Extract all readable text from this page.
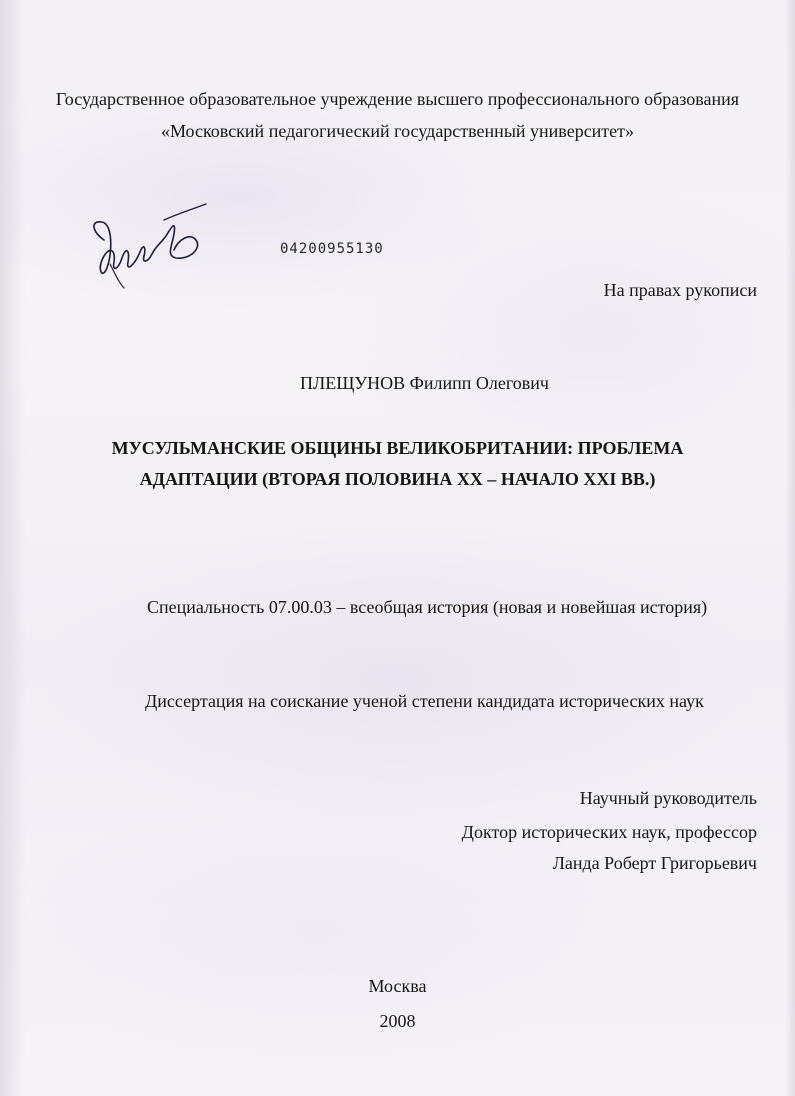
Государственное образовательное учреждение высшего профессионального образования
«Московский педагогический государственный университет»
04200955130
На правах рукописи
ПЛЕЩУНОВ Филипп Олегович
МУСУЛЬМАНСКИЕ ОБЩИНЫ ВЕЛИКОБРИТАНИИ: ПРОБЛЕМА
АДАПТАЦИИ (ВТОРАЯ ПОЛОВИНА XX – НАЧАЛО XXI ВВ.)
Специальность 07.00.03 – всеобщая история (новая и новейшая история)
Диссертация на соискание ученой степени кандидата исторических наук
Научный руководитель
Доктор исторических наук, профессор
Ланда Роберт Григорьевич
Москва
2008
